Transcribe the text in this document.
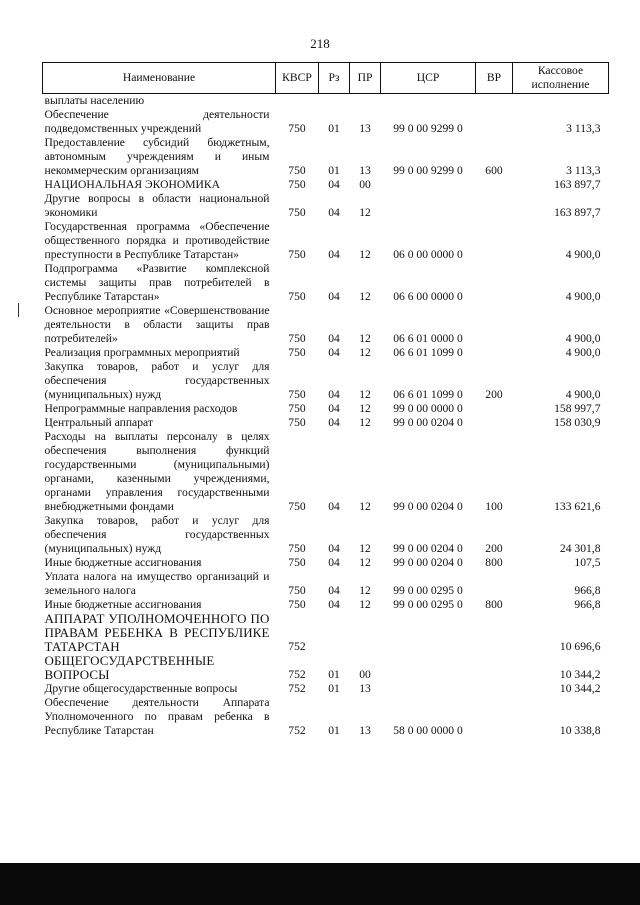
218
Наименование	КВСР	Рз	ПР	ЦСР	ВР	Кассовое исполнение
выплаты населению						
Обеспечение деятельности подведомственных учреждений	750	01	13	99 0 00 9299 0		3 113,3
Предоставление субсидий бюджетным, автономным учреждениям и иным некоммерческим организациям	750	01	13	99 0 00 9299 0	600	3 113,3
НАЦИОНАЛЬНАЯ ЭКОНОМИКА	750	04	00			163 897,7
Другие вопросы в области национальной экономики	750	04	12			163 897,7
Государственная программа «Обеспечение общественного порядка и противодействие преступности в Республике Татарстан»	750	04	12	06 0 00 0000 0		4 900,0
Подпрограмма «Развитие комплексной системы защиты прав потребителей в Республике Татарстан»	750	04	12	06 6 00 0000 0		4 900,0
Основное мероприятие «Совершенствование деятельности в области защиты прав потребителей»	750	04	12	06 6 01 0000 0		4 900,0
Реализация программных мероприятий	750	04	12	06 6 01 1099 0		4 900,0
Закупка товаров, работ и услуг для обеспечения государственных (муниципальных) нужд	750	04	12	06 6 01 1099 0	200	4 900,0
Непрограммные направления расходов	750	04	12	99 0 00 0000 0		158 997,7
Центральный аппарат	750	04	12	99 0 00 0204 0		158 030,9
Расходы на выплаты персоналу в целях обеспечения выполнения функций государственными (муниципальными) органами, казенными учреждениями, органами управления государственными внебюджетными фондами	750	04	12	99 0 00 0204 0	100	133 621,6
Закупка товаров, работ и услуг для обеспечения государственных (муниципальных) нужд	750	04	12	99 0 00 0204 0	200	24 301,8
Иные бюджетные ассигнования	750	04	12	99 0 00 0204 0	800	107,5
Уплата налога на имущество организаций и земельного налога	750	04	12	99 0 00 0295 0		966,8
Иные бюджетные ассигнования	750	04	12	99 0 00 0295 0	800	966,8
АППАРАТ УПОЛНОМОЧЕННОГО ПО ПРАВАМ РЕБЕНКА В РЕСПУБЛИКЕ ТАТАРСТАН	752					10 696,6
ОБЩЕГОСУДАРСТВЕННЫЕ ВОПРОСЫ	752	01	00			10 344,2
Другие общегосударственные вопросы	752	01	13			10 344,2
Обеспечение деятельности Аппарата Уполномоченного по правам ребенка в Республике Татарстан	752	01	13	58 0 00 0000 0		10 338,8
